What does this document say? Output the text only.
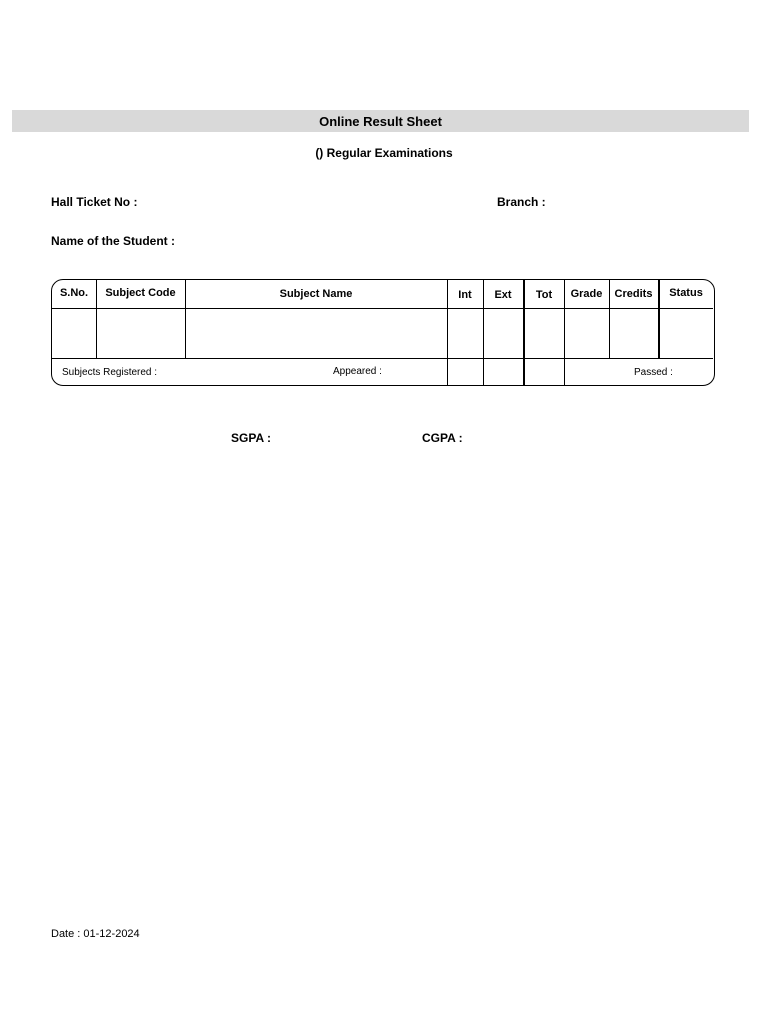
Online Result Sheet
() Regular Examinations
Hall Ticket No :	Branch :
Name of the Student :
S.No.	Subject Code	Subject Name	Int	Ext	Tot	Grade	Credits	Status
Subjects Registered :	Appeared :	Passed :
SGPA :	CGPA :
Date : 01-12-2024
